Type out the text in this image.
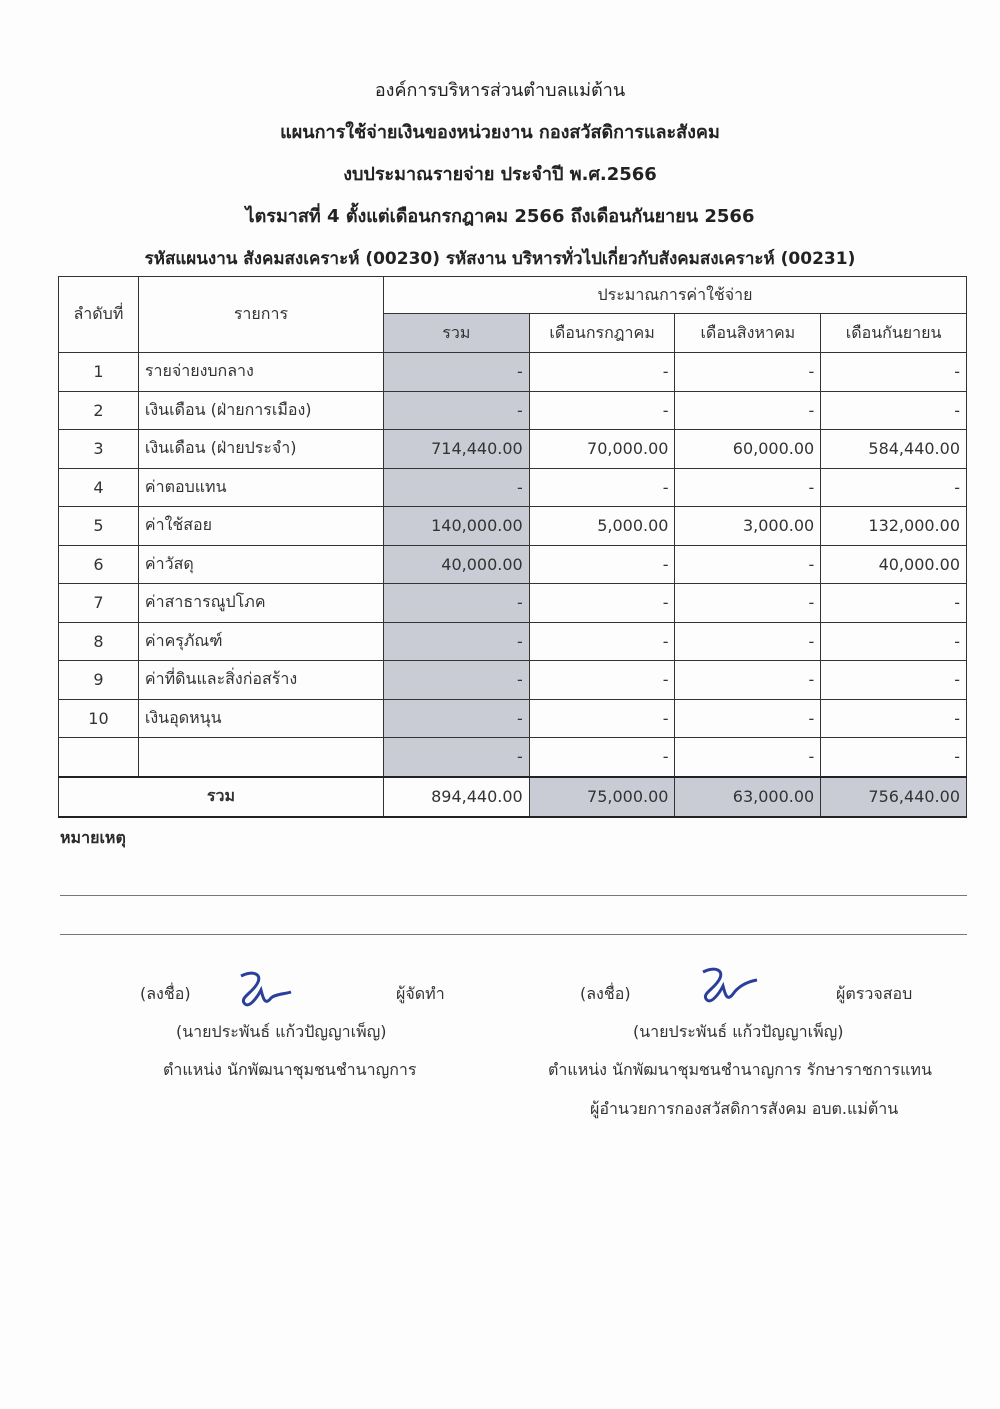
องค์การบริหารส่วนตำบลแม่ต้าน
แผนการใช้จ่ายเงินของหน่วยงาน กองสวัสดิการและสังคม
งบประมาณรายจ่าย ประจำปี พ.ศ.2566
ไตรมาสที่ 4 ตั้งแต่เดือนกรกฎาคม 2566 ถึงเดือนกันยายน 2566
รหัสแผนงาน สังคมสงเคราะห์ (00230) รหัสงาน บริหารทั่วไปเกี่ยวกับสังคมสงเคราะห์ (00231)
ลำดับที่	รายการ	ประมาณการค่าใช้จ่าย			
		รวม	เดือนกรกฎาคม	เดือนสิงหาคม	เดือนกันยายน
1	รายจ่ายงบกลาง	-	-	-	-
2	เงินเดือน (ฝ่ายการเมือง)	-	-	-	-
3	เงินเดือน (ฝ่ายประจำ)	714,440.00	70,000.00	60,000.00	584,440.00
4	ค่าตอบแทน	-	-	-	-
5	ค่าใช้สอย	140,000.00	5,000.00	3,000.00	132,000.00
6	ค่าวัสดุ	40,000.00	-	-	40,000.00
7	ค่าสาธารณูปโภค	-	-	-	-
8	ค่าครุภัณฑ์	-	-	-	-
9	ค่าที่ดินและสิ่งก่อสร้าง	-	-	-	-
10	เงินอุดหนุน	-	-	-	-
		-	-	-	-
รวม		894,440.00	75,000.00	63,000.00	756,440.00
หมายเหตุ
(ลงชื่อ)	ผู้จัดทำ
(นายประพันธ์ แก้วปัญญาเพ็ญ)
ตำแหน่ง นักพัฒนาชุมชนชำนาญการ
(ลงชื่อ)	ผู้ตรวจสอบ
(นายประพันธ์ แก้วปัญญาเพ็ญ)
ตำแหน่ง นักพัฒนาชุมชนชำนาญการ รักษาราชการแทน
ผู้อำนวยการกองสวัสดิการสังคม อบต.แม่ต้าน
